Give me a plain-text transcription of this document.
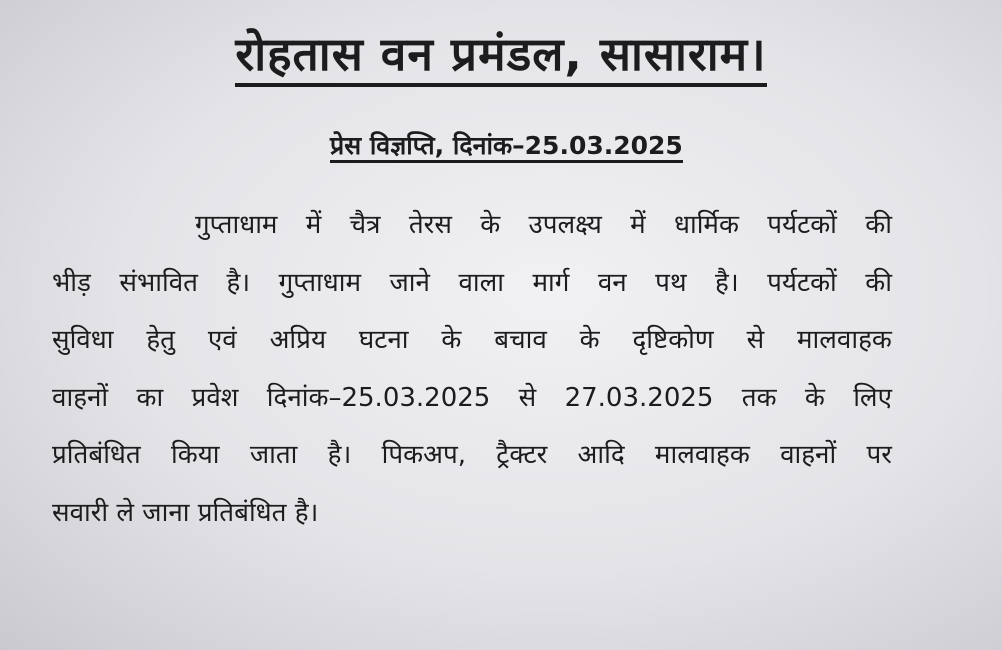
रोहतास वन प्रमंडल, सासाराम।
प्रेस विज्ञप्ति, दिनांक–25.03.2025
गुप्ताधाम में चैत्र तेरस के उपलक्ष्य में धार्मिक पर्यटकों की
भीड़ संभावित है। गुप्ताधाम जाने वाला मार्ग वन पथ है। पर्यटकों की
सुविधा हेतु एवं अप्रिय घटना के बचाव के दृष्टिकोण से मालवाहक
वाहनों का प्रवेश दिनांक–25.03.2025 से 27.03.2025 तक के लिए
प्रतिबंधित किया जाता है। पिकअप, ट्रैक्टर आदि मालवाहक वाहनों पर
सवारी ले जाना प्रतिबंधित है।
